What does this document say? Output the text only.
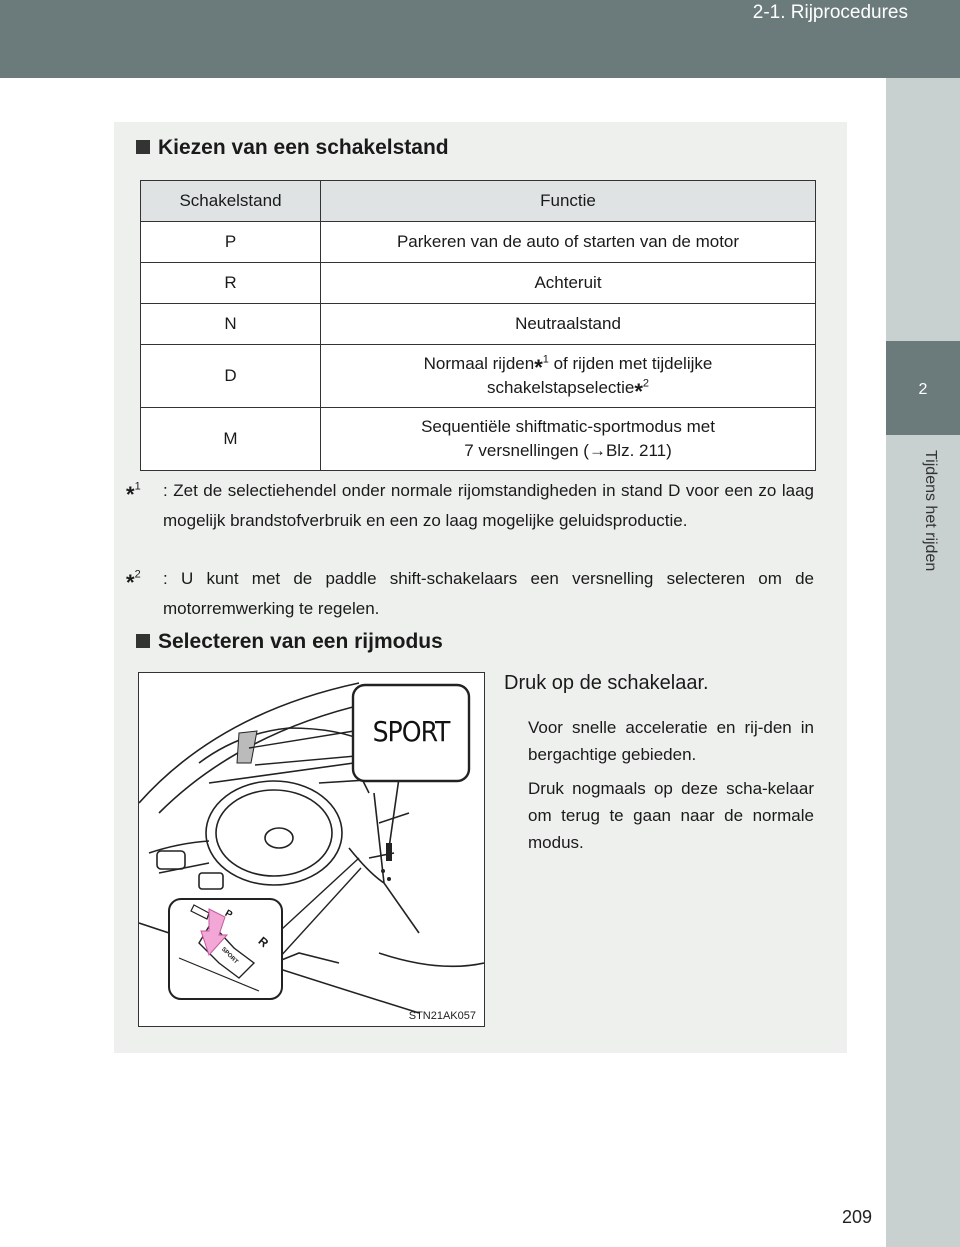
2-1. Rijprocedures
2
Tijdens het rijden
Kiezen van een schakelstand
Schakelstand	Functie
P	Parkeren van de auto of starten van de motor
R	Achteruit
N	Neutraalstand
D	Normaal rijden*$^1$ of rijden met tijdelijke
schakelstapselectie*$^2$
M	Sequentiële shiftmatic-sportmodus met
7 versnellingen (→Blz. 211)
*$^1$ : Zet de selectiehendel onder normale rijomstandigheden in stand D voor een zo laag mogelijk brandstofverbruik en een zo laag mogelijke geluidsproductie.
*$^2$ : U kunt met de paddle shift-schakelaars een versnelling selecteren om de motorremwerking te regelen.
Selecteren van een rijmodus
SPORT
P
R
SPORT
STN21AK057
Druk op de schakelaar.
Voor snelle acceleratie en rij-den in bergachtige gebieden.
Druk nogmaals op deze scha-kelaar om terug te gaan naar de normale modus.
209
